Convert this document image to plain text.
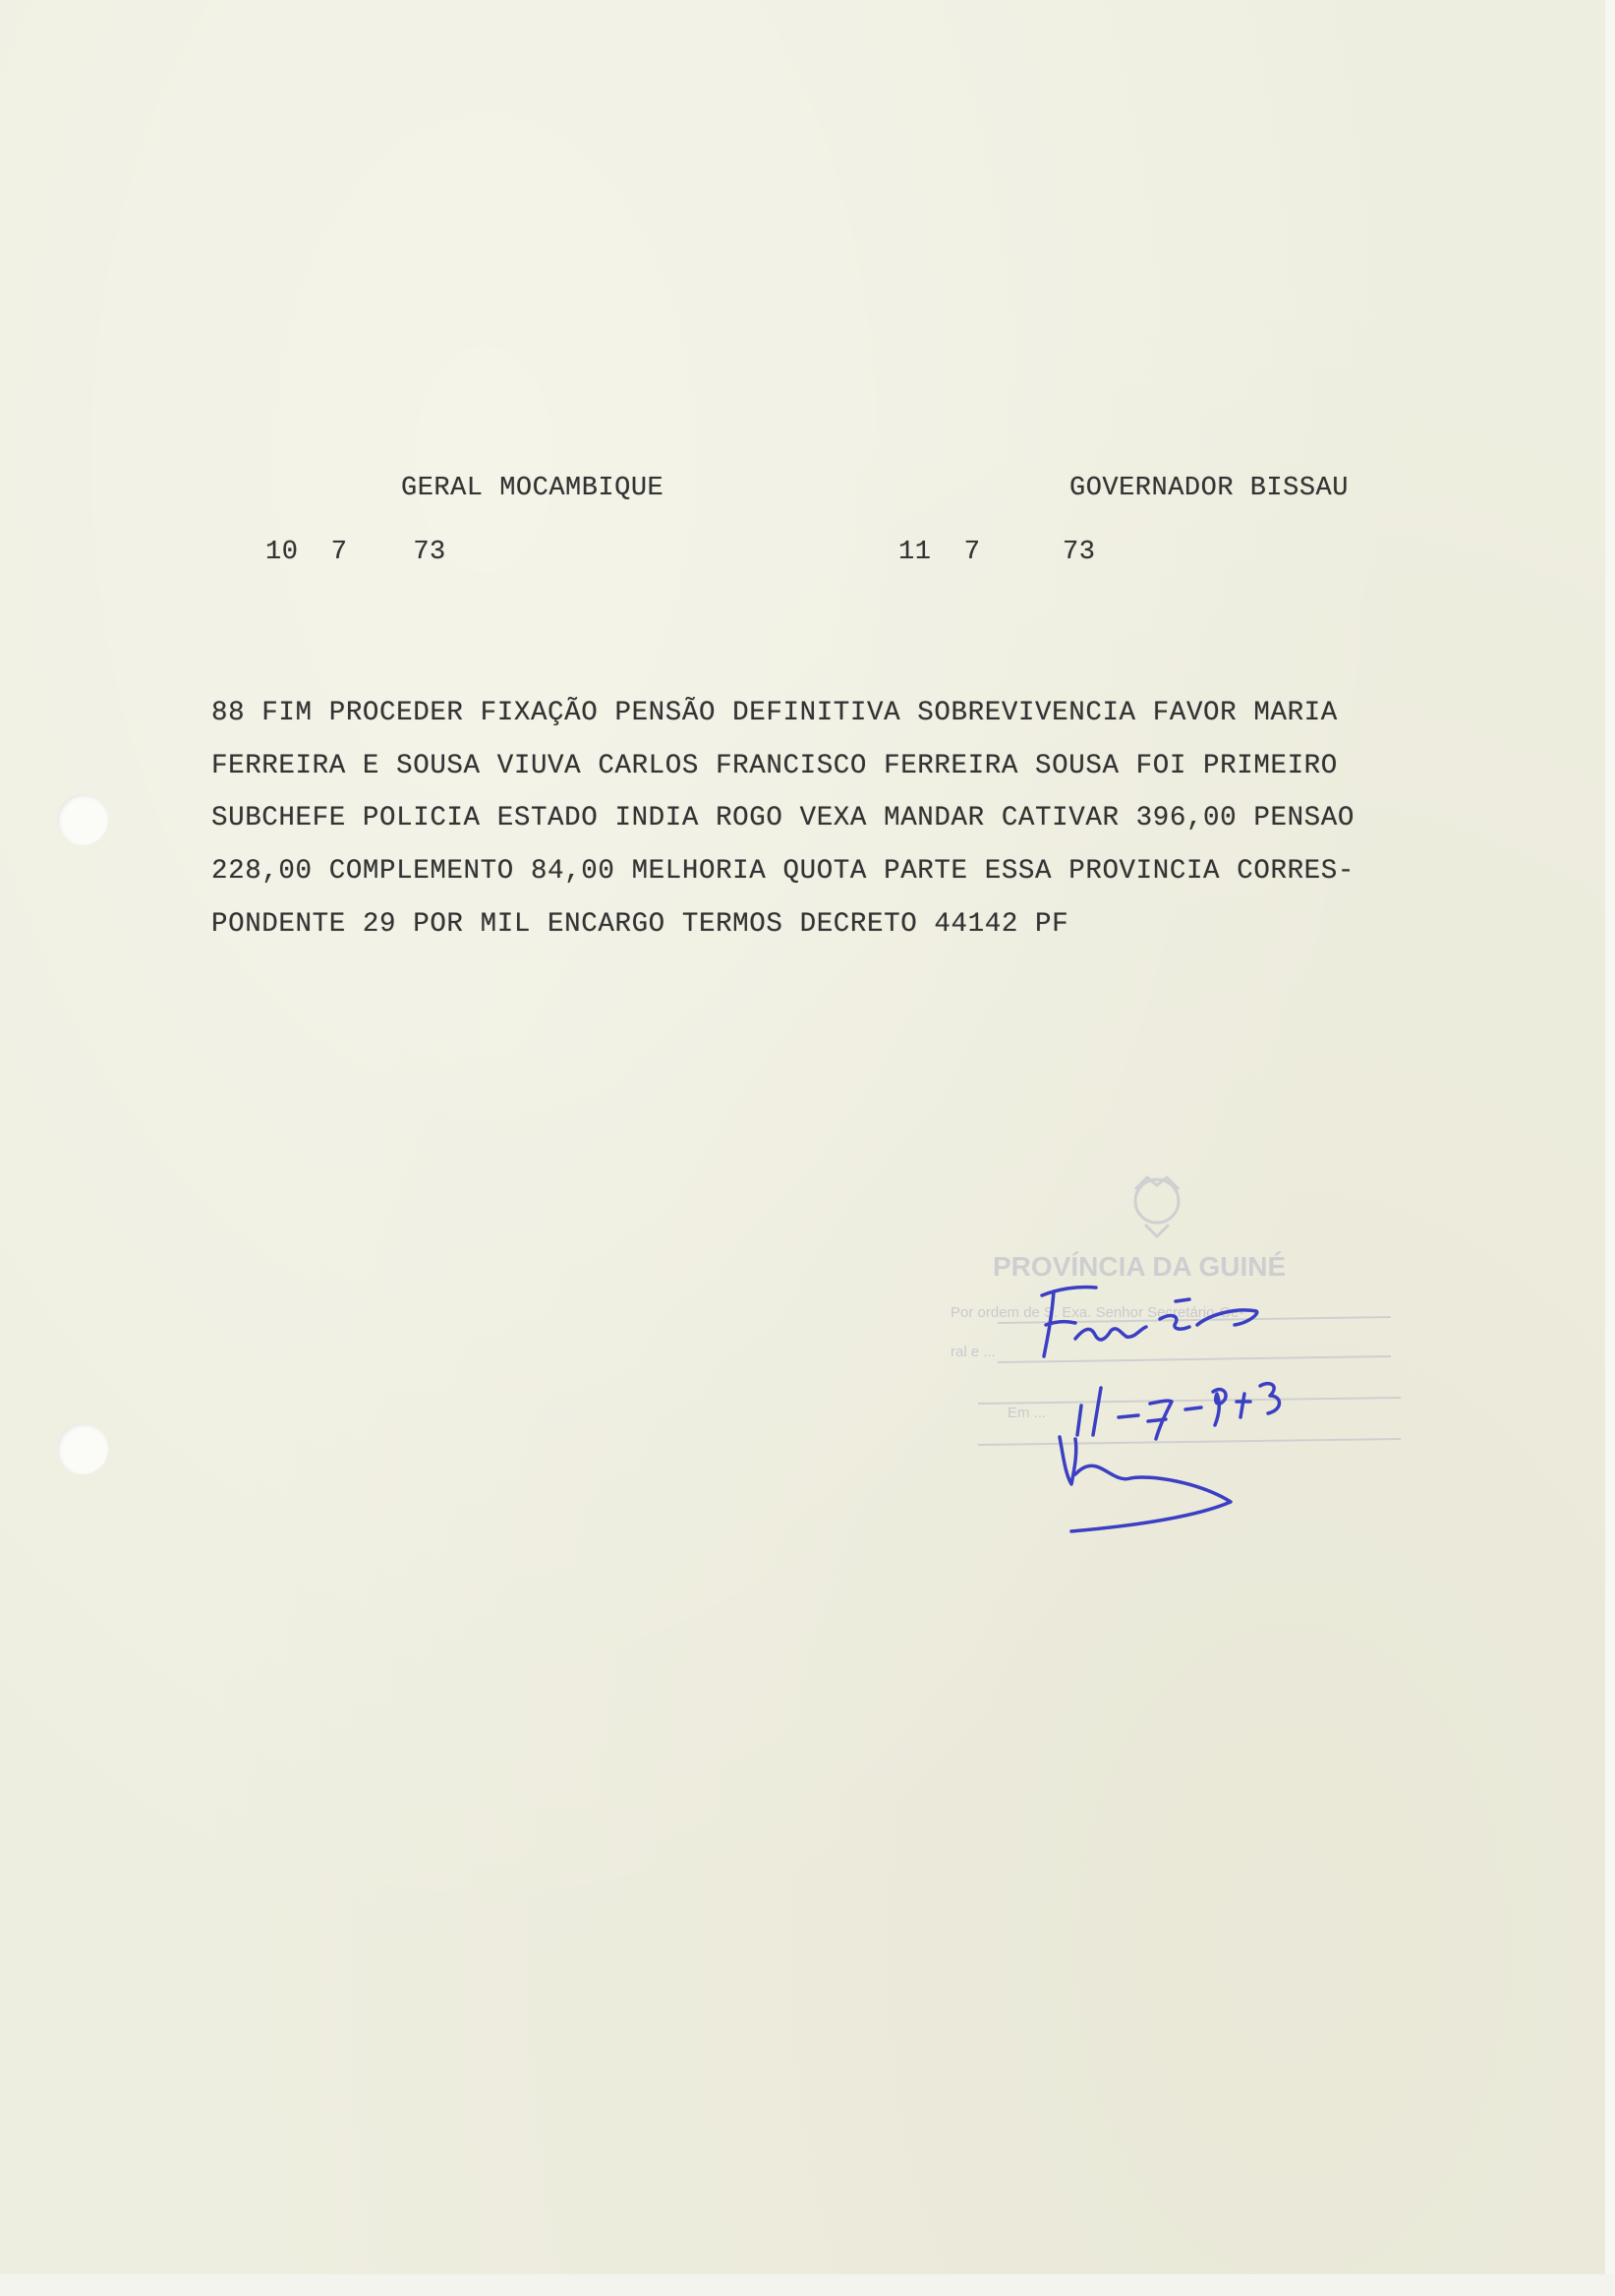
GERAL MOCAMBIQUE
10  7    73
GOVERNADOR BISSAU
11  7     73
88 FIM PROCEDER FIXAÇÃO PENSÃO DEFINITIVA SOBREVIVENCIA FAVOR MARIA
FERREIRA E SOUSA VIUVA CARLOS FRANCISCO FERREIRA SOUSA FOI PRIMEIRO
SUBCHEFE POLICIA ESTADO INDIA ROGO VEXA MANDAR CATIVAR 396,00 PENSAO
228,00 COMPLEMENTO 84,00 MELHORIA QUOTA PARTE ESSA PROVINCIA CORRES-
PONDENTE 29 POR MIL ENCARGO TERMOS DECRETO 44142 PF
PROVÍNCIA DA GUINÉ
Por ordem de S. Exa. Senhor Secretário-Ge-
ral e ...
Em ...
